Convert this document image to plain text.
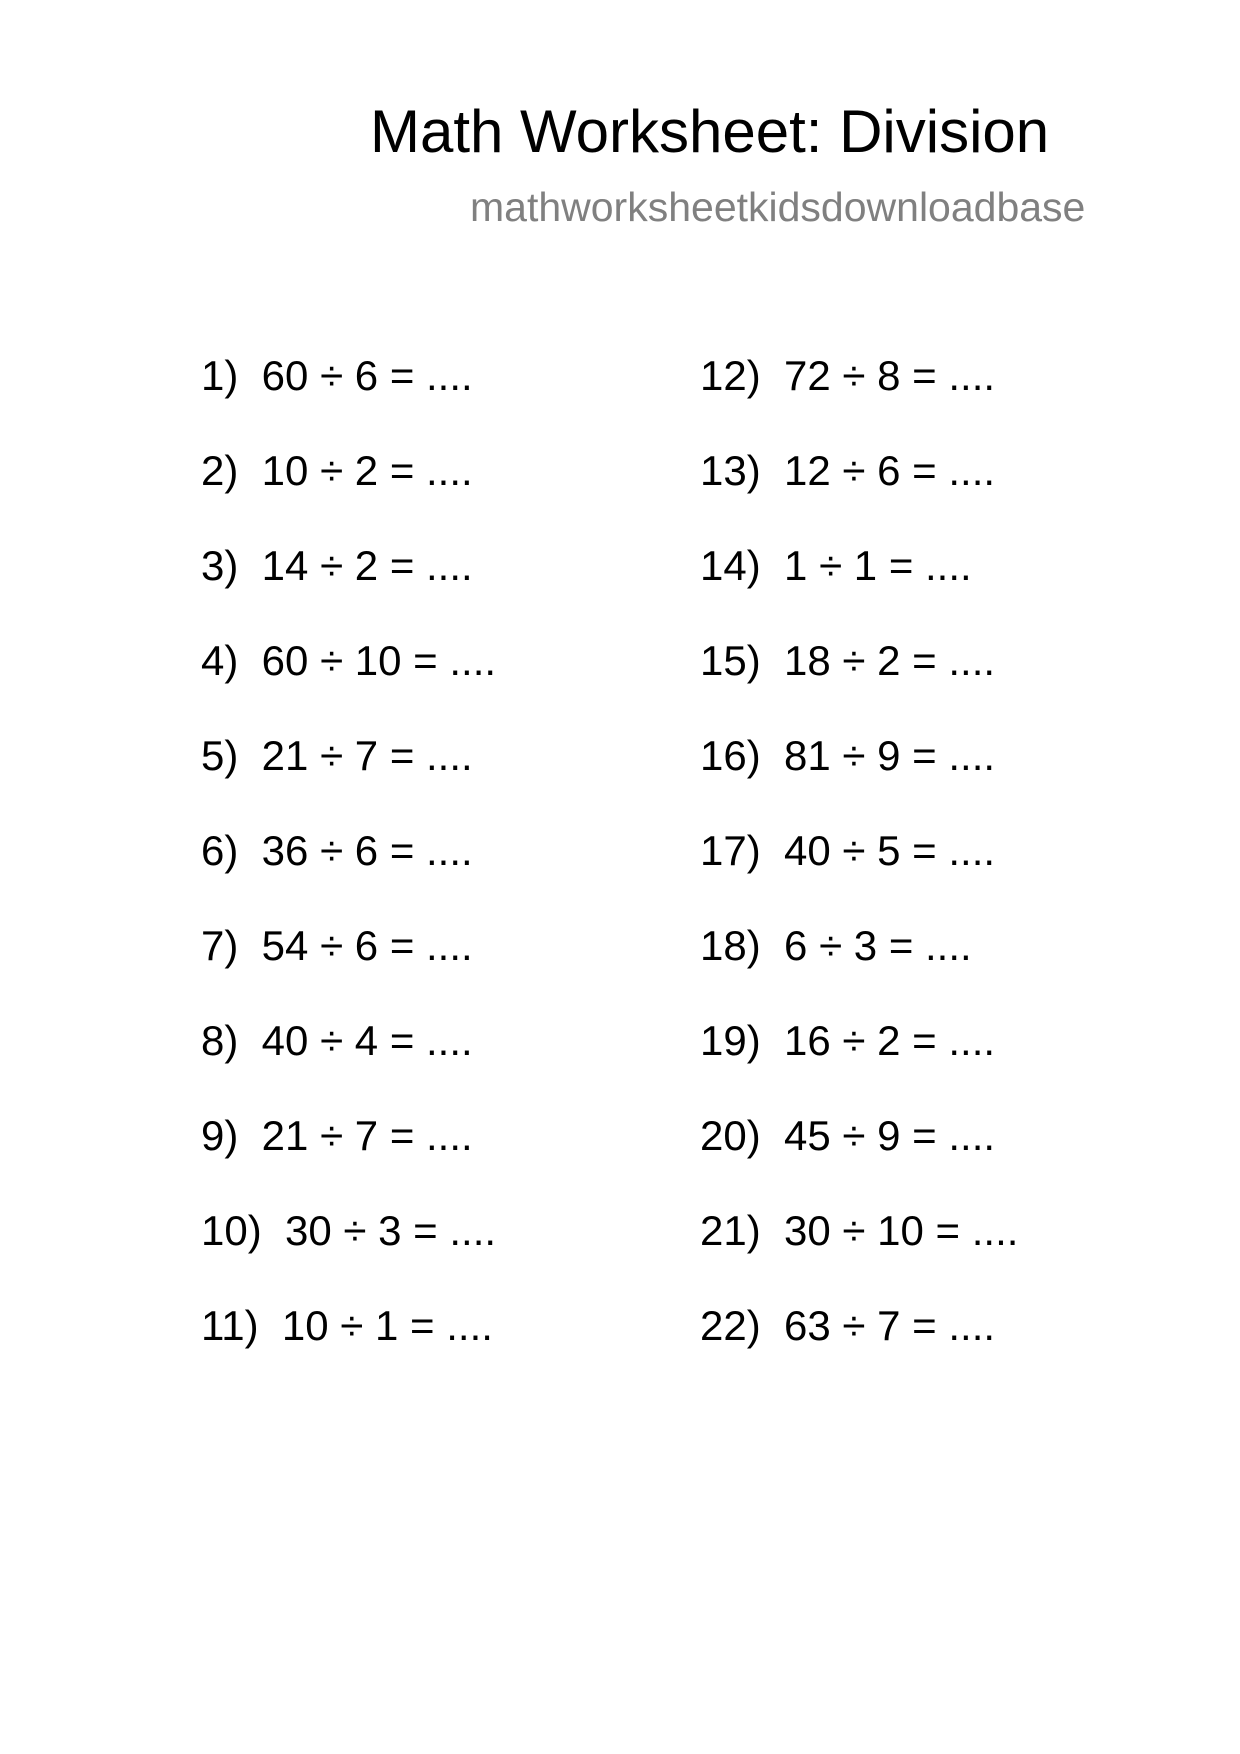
Math Worksheet: Division
mathworksheetkidsdownloadbase
1)  60 ÷ 6 = ....
2)  10 ÷ 2 = ....
3)  14 ÷ 2 = ....
4)  60 ÷ 10 = ....
5)  21 ÷ 7 = ....
6)  36 ÷ 6 = ....
7)  54 ÷ 6 = ....
8)  40 ÷ 4 = ....
9)  21 ÷ 7 = ....
10)  30 ÷ 3 = ....
11)  10 ÷ 1 = ....
12)  72 ÷ 8 = ....
13)  12 ÷ 6 = ....
14)  1 ÷ 1 = ....
15)  18 ÷ 2 = ....
16)  81 ÷ 9 = ....
17)  40 ÷ 5 = ....
18)  6 ÷ 3 = ....
19)  16 ÷ 2 = ....
20)  45 ÷ 9 = ....
21)  30 ÷ 10 = ....
22)  63 ÷ 7 = ....
